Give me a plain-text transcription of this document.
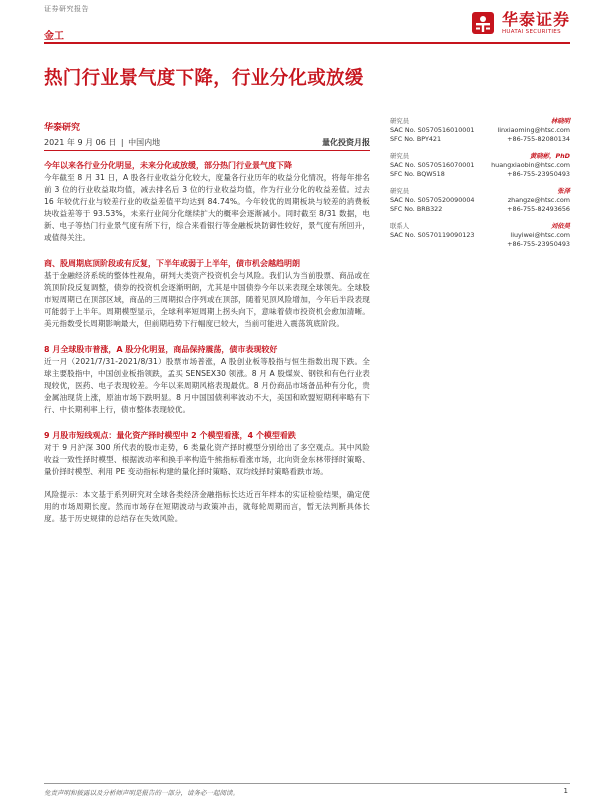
证券研究报告
华泰证券
HUATAI SECURITIES
金工
热门行业景气度下降，行业分化或放缓
华泰研究
2021 年 9 月 06 日 | 中国内地	量化投资月报
今年以来各行业分化明显，未来分化或放缓，部分热门行业景气度下降
今年截至 8 月 31 日，A 股各行业收益分化较大，度量各行业历年的收益分化情况，将每年排名前 3 位的行业收益取均值，减去排名后 3 位的行业收益均值，作为行业分化的收益差值。过去 16 年较优行业与较差行业的收益差值平均达到 84.74%。今年较优的周期板块与较差的消费板块收益差等于 93.53%，未来行业间分化继续扩大的概率会逐渐减小。同时截至 8/31 数据，电新、电子等热门行业景气度有所下行，综合来看银行等金融板块防御性较好，景气度有所回升，或值得关注。
商、股周期底顶阶段或有反复，下半年或弱于上半年，债市机会越趋明朗
基于金融经济系统的整体性视角，研判大类资产投资机会与风险。我们认为当前股票、商品或在筑顶阶段反复调整，债券的投资机会逐渐明朗，尤其是中国债券今年以来表现全球领先。全球股市短周期已在顶部区域，商品的三周期拟合序列或在顶部，随着见顶风险增加，今年后半段表现可能弱于上半年。周期模型显示，全球利率短周期上拐头向下，意味着债市投资机会愈加清晰。美元指数受长周期影响最大，但前期趋势下行幅度已较大，当前可能进入震荡筑底阶段。
8 月全球股市普涨，A 股分化明显，商品保持震荡，债市表现较好
近一月（2021/7/31-2021/8/31）股票市场普涨，A 股创业板等股指与恒生指数出现下跌。全球主要股指中，中国创业板指领跌，孟买 SENSEX30 领涨。8 月 A 股煤炭、钢铁和有色行业表现较优，医药、电子表现较差。今年以来周期风格表现最优。8 月份商品市场备品种有分化，贵金属油现货上涨，原油市场下跌明显。8 月中国国债利率波动不大，美国和欧盟短期利率略有下行、中长期利率上行，债市整体表现较优。
9 月股市短线观点：量化资产择时模型中 2 个模型看涨，4 个模型看跌
对于 9 月沪深 300 所代表的股市走势，6 类量化资产择时模型分别给出了多空观点。其中风险收益一致性择时模型、根据波动率和换手率构造牛熊指标看涨市场，北向资金东林带择时策略、量价择时模型、利用 PE 变动指标构建的量化择时策略、双均线择时策略看跌市场。
风险提示：本文基于系列研究对全球各类经济金融指标长达近百年样本的实证检验结果，确定使用的市场周期长度。然而市场存在短期波动与政策冲击，就每轮周期而言，暂无法判断具体长度。基于历史规律的总结存在失效风险。
研究员	林晓明
SAC No. S0570516010001	linxiaoming@htsc.com
SFC No. BPY421	+86-755-82080134
研究员	黄晓彬，PhD
SAC No. S0570516070001	huangxiaobin@htsc.com
SFC No. BQW518	+86-755-23950493
研究员	张泽
SAC No. S0570520090004	zhangze@htsc.com
SFC No. BRB322	+86-755-82493656
联系人	刘依昊
SAC No. S0570119090123	liuyiwei@htsc.com
+86-755-23950493
免责声明和披露以及分析师声明是报告的一部分，请务必一起阅读。	1
